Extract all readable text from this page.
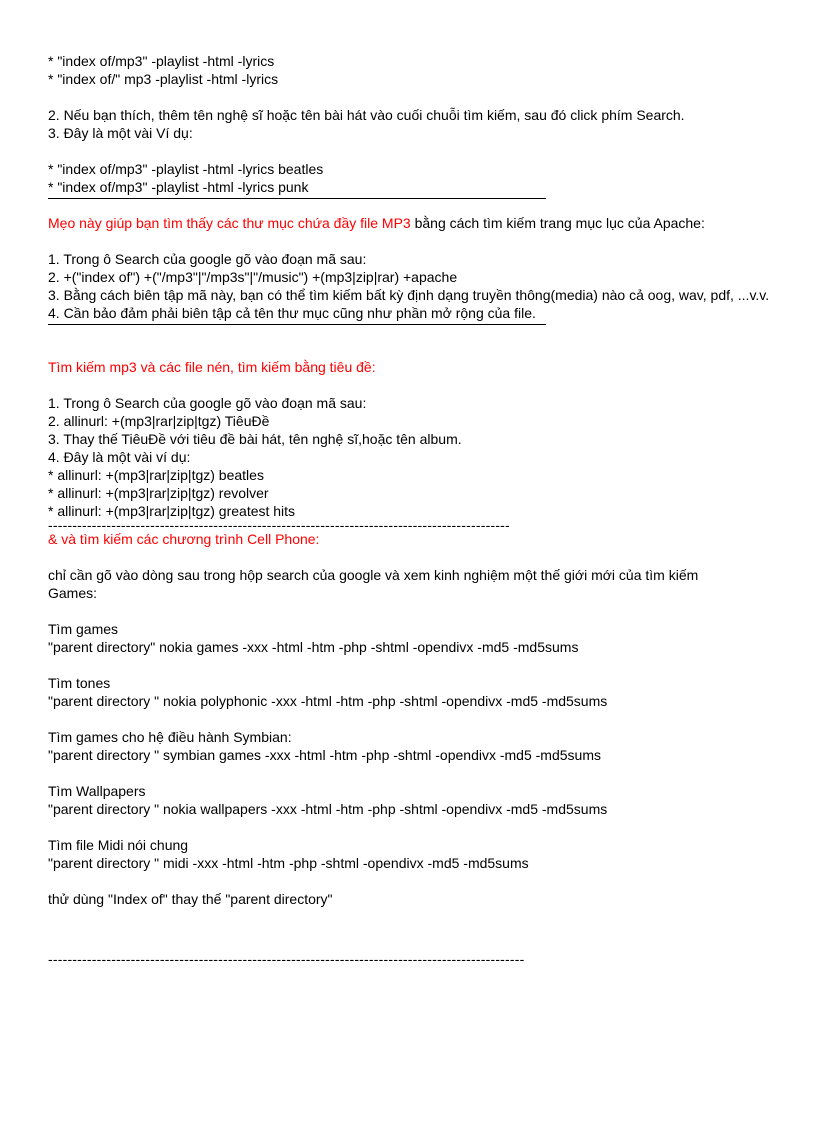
* "index of/mp3" -playlist -html -lyrics
* "index of/" mp3 -playlist -html -lyrics
2. Nếu bạn thích, thêm tên nghệ sĩ hoặc tên bài hát vào cuối chuỗi tìm kiếm, sau đó click phím Search.
3. Đây là một vài Ví dụ:
* "index of/mp3" -playlist -html -lyrics beatles
* "index of/mp3" -playlist -html -lyrics punk
Mẹo này giúp bạn tìm thấy các thư mục chứa đầy file MP3 bằng cách tìm kiếm trang mục lục của Apache:
1. Trong ô Search của google gõ vào đoạn mã sau:
2. +("index of") +("/mp3"|"/mp3s"|"/music") +(mp3|zip|rar) +apache
3. Bằng cách biên tập mã này, bạn có thể tìm kiếm bất kỳ định dạng truyền thông(media) nào cả oog, wav, pdf, ...v.v.
4. Cần bảo đảm phải biên tập cả tên thư mục cũng như phần mở rộng của file.
Tìm kiếm mp3 và các file nén, tìm kiếm bằng tiêu đề:
1. Trong ô Search của google gõ vào đoạn mã sau:
2. allinurl: +(mp3|rar|zip|tgz) TiêuĐề
3. Thay thế TiêuĐề với tiêu đề bài hát, tên nghệ sĩ,hoặc tên album.
4. Đây là một vài ví dụ:
* allinurl: +(mp3|rar|zip|tgz) beatles
* allinurl: +(mp3|rar|zip|tgz) revolver
* allinurl: +(mp3|rar|zip|tgz) greatest hits
-----------------------------------------------------------------------------------------------
& và tìm kiếm các chương trình Cell Phone:
chỉ cần gõ vào dòng sau trong hộp search của google và xem kinh nghiệm một thế giới mới của tìm kiếm Games:
Tìm games
"parent directory" nokia games -xxx -html -htm -php -shtml -opendivx -md5 -md5sums
Tìm tones
"parent directory " nokia polyphonic -xxx -html -htm -php -shtml -opendivx -md5 -md5sums
Tìm games cho hệ điều hành Symbian:
"parent directory " symbian games -xxx -html -htm -php -shtml -opendivx -md5 -md5sums
Tìm Wallpapers
"parent directory " nokia wallpapers -xxx -html -htm -php -shtml -opendivx -md5 -md5sums
Tìm file Midi nói chung
"parent directory " midi -xxx -html -htm -php -shtml -opendivx -md5 -md5sums
thử dùng "Index of" thay thế "parent directory"
--------------------------------------------------------------------------------------------------
